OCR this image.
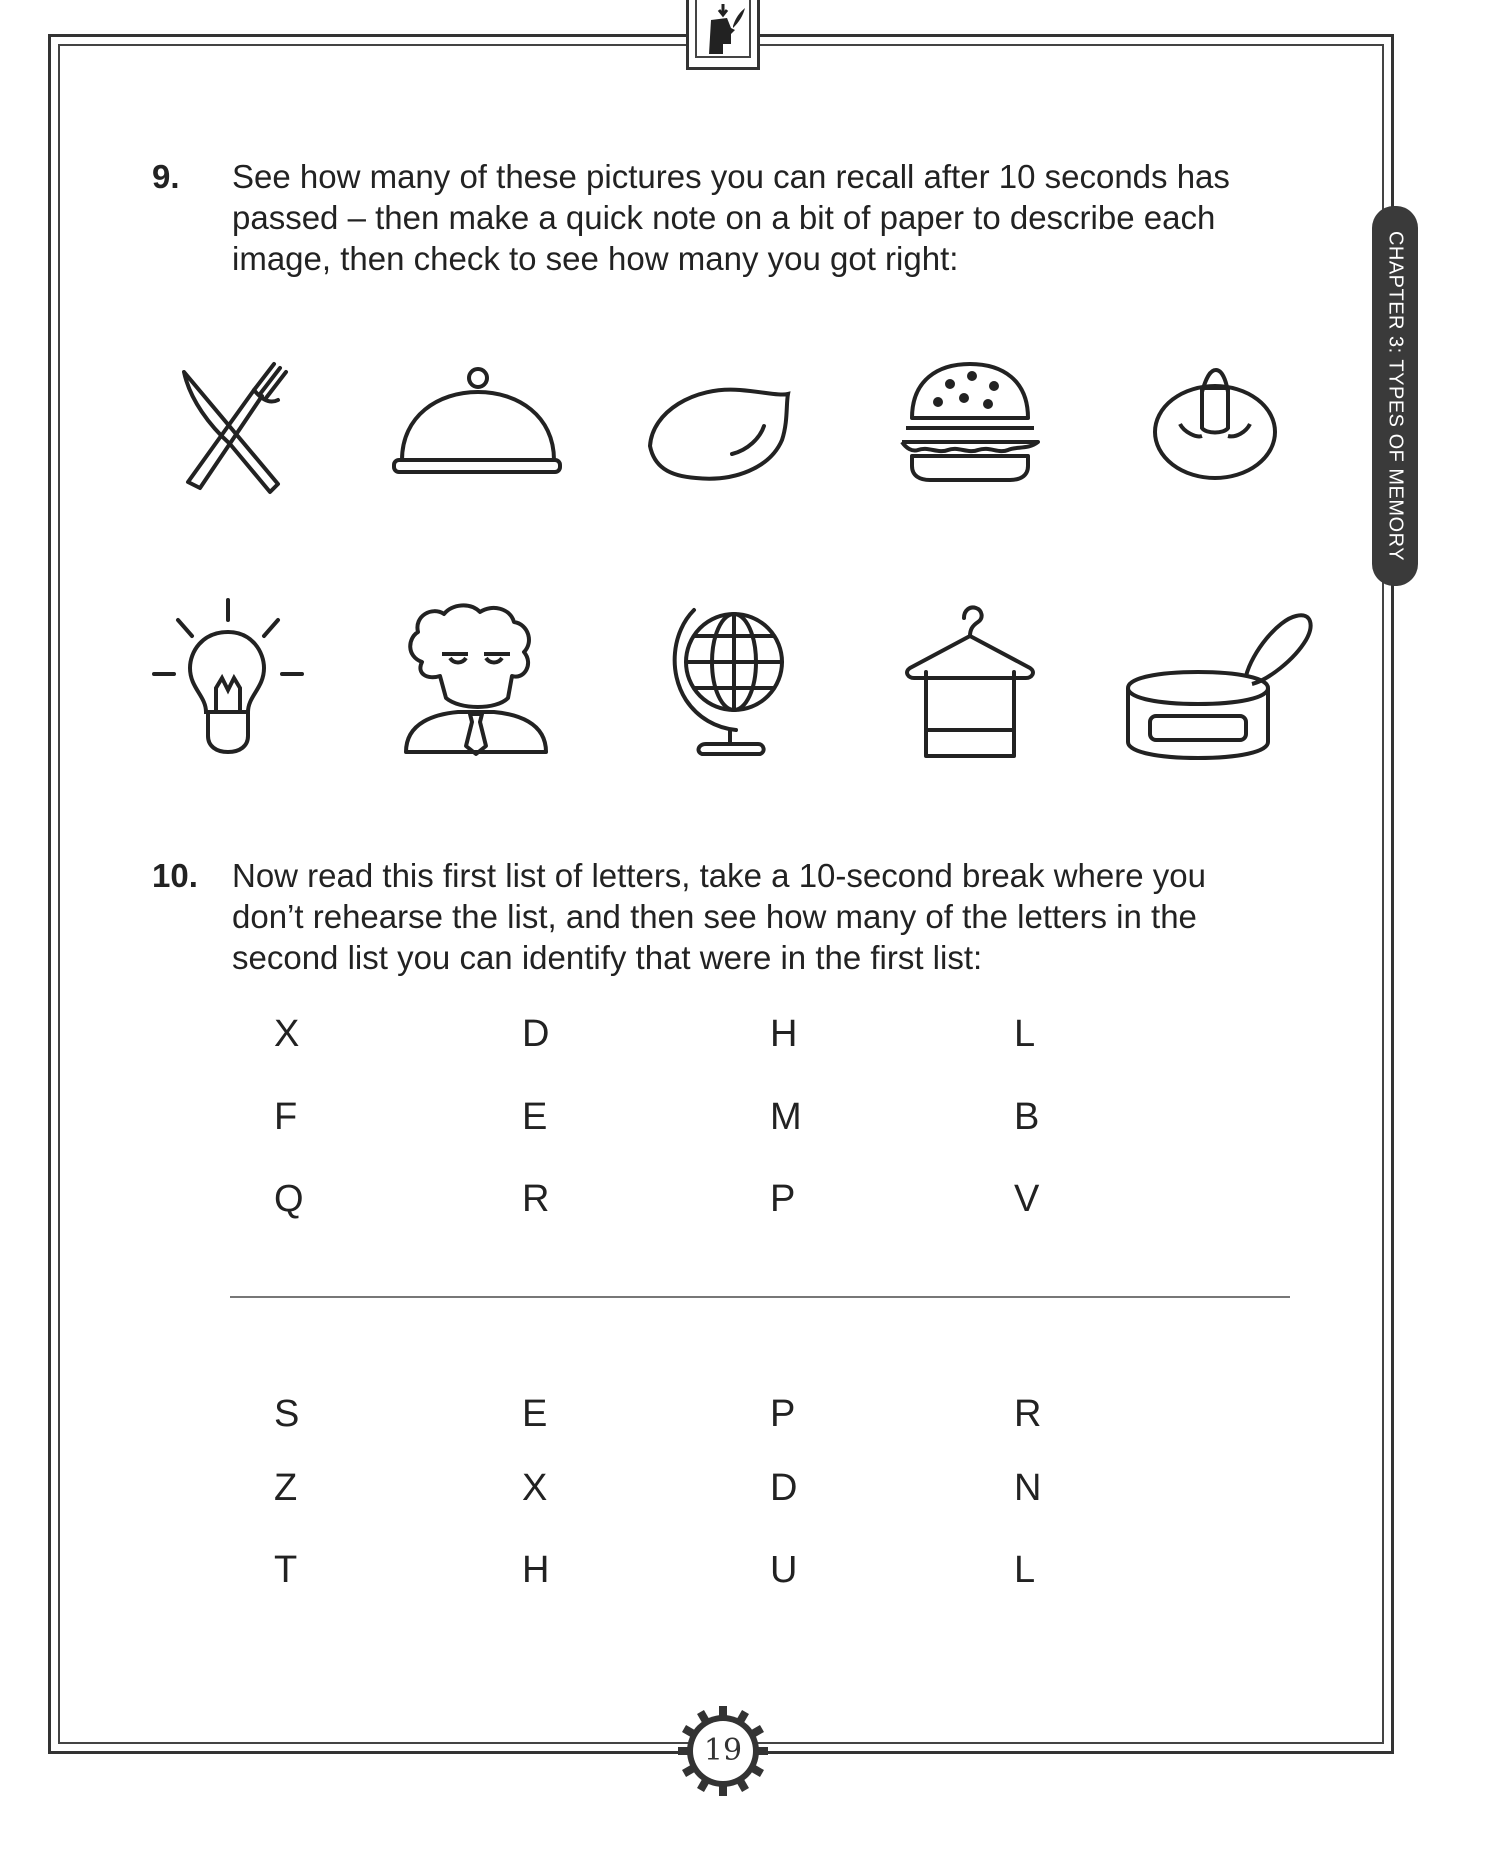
CHAPTER 3: TYPES OF MEMORY
9. See how many of these pictures you can recall after 10 seconds has passed – then make a quick note on a bit of paper to describe each image, then check to see how many you got right:
10. Now read this first list of letters, take a 10-second break where you don’t rehearse the list, and then see how many of the letters in the second list you can identify that were in the first list:
X	D	H	L
F	E	M	B
Q	R	P	V
S	E	P	R
Z	X	D	N
T	H	U	L
19
